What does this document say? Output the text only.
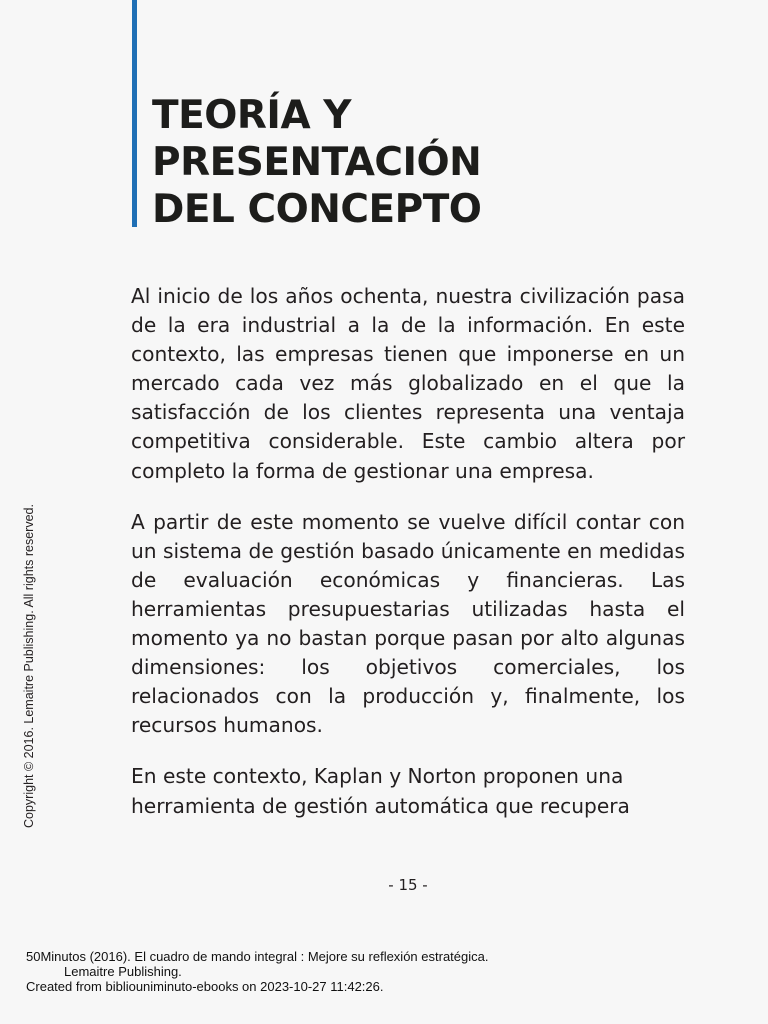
TEORÍA Y
PRESENTACIÓN
DEL CONCEPTO

Al inicio de los años ochenta, nuestra civilización pasa de la era industrial a la de la información. En este contexto, las empresas tienen que imponerse en un mercado cada vez más globalizado en el que la satisfacción de los clientes representa una ventaja competitiva considerable. Este cambio altera por completo la forma de gestionar una empresa.

A partir de este momento se vuelve difícil contar con un sistema de gestión basado únicamente en medidas de evaluación económicas y financieras. Las herramientas presupuestarias utilizadas hasta el momento ya no bastan porque pasan por alto algunas dimensiones: los objetivos comerciales, los relacionados con la producción y, finalmente, los recursos humanos.

En este contexto, Kaplan y Norton proponen una herramienta de gestión automática que recupera

- 15 -
Copyright © 2016. Lemaitre Publishing. All rights reserved.
50Minutos (2016). El cuadro de mando integral : Mejore su reflexión estratégica.
Lemaitre Publishing.
Created from bibliouniminuto-ebooks on 2023-10-27 11:42:26.
